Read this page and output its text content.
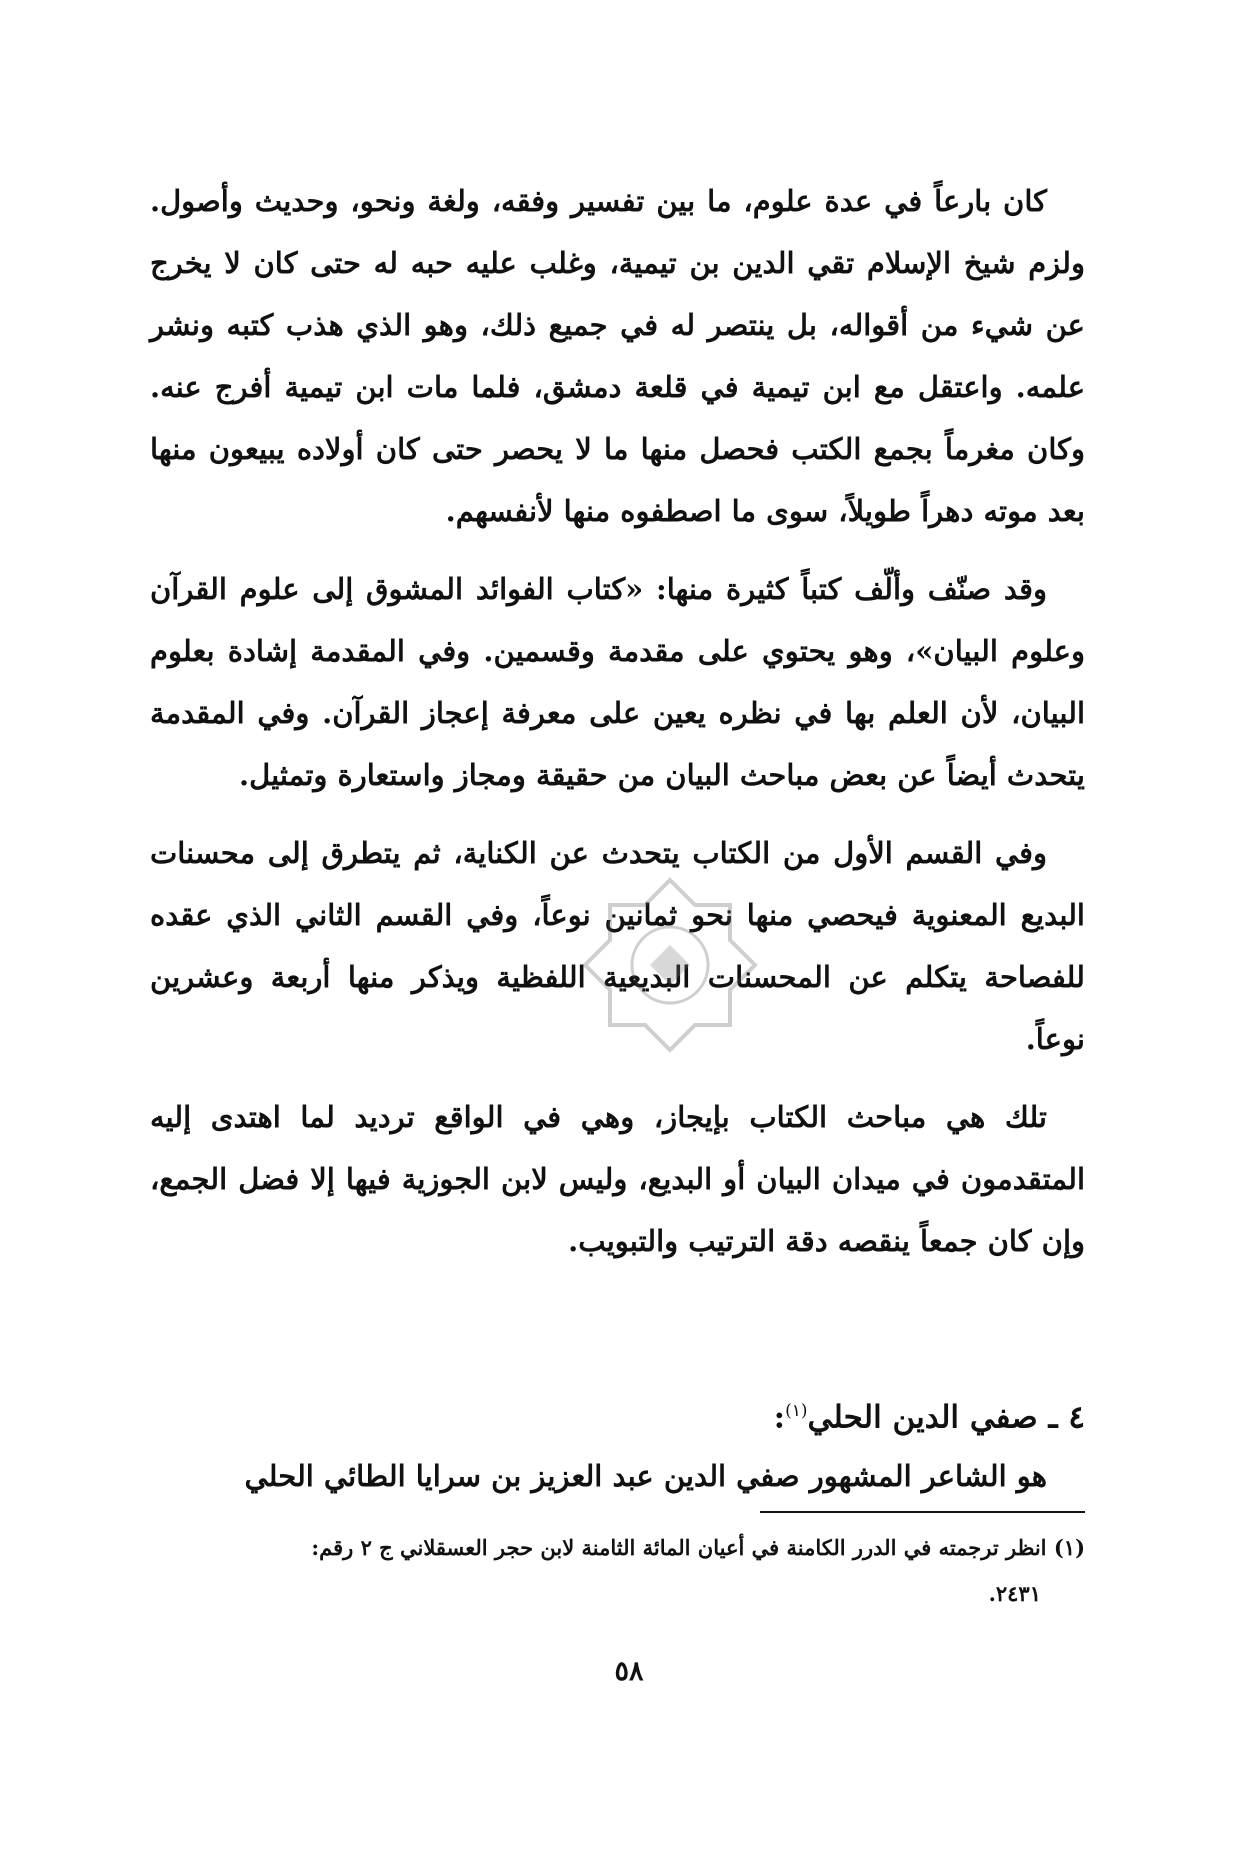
كان بارعاً في عدة علوم، ما بين تفسير وفقه، ولغة ونحو، وحديث وأصول. ولزم شيخ الإسلام تقي الدين بن تيمية، وغلب عليه حبه له حتى كان لا يخرج عن شيء من أقواله، بل ينتصر له في جميع ذلك، وهو الذي هذب كتبه ونشر علمه. واعتقل مع ابن تيمية في قلعة دمشق، فلما مات ابن تيمية أفرج عنه. وكان مغرماً بجمع الكتب فحصل منها ما لا يحصر حتى كان أولاده يبيعون منها بعد موته دهراً طويلاً، سوى ما اصطفوه منها لأنفسهم.

وقد صنّف وألّف كتباً كثيرة منها: «كتاب الفوائد المشوق إلى علوم القرآن وعلوم البيان»، وهو يحتوي على مقدمة وقسمين. وفي المقدمة إشادة بعلوم البيان، لأن العلم بها في نظره يعين على معرفة إعجاز القرآن. وفي المقدمة يتحدث أيضاً عن بعض مباحث البيان من حقيقة ومجاز واستعارة وتمثيل.

وفي القسم الأول من الكتاب يتحدث عن الكناية، ثم يتطرق إلى محسنات البديع المعنوية فيحصي منها نحو ثمانين نوعاً، وفي القسم الثاني الذي عقده للفصاحة يتكلم عن المحسنات البديعية اللفظية ويذكر منها أربعة وعشرين نوعاً.

تلك هي مباحث الكتاب بإيجاز، وهي في الواقع ترديد لما اهتدى إليه المتقدمون في ميدان البيان أو البديع، وليس لابن الجوزية فيها إلا فضل الجمع، وإن كان جمعاً ينقصه دقة الترتيب والتبويب.

٤ ـ صفي الدين الحلي$^{(١)}$:
هو الشاعر المشهور صفي الدين عبد العزيز بن سرايا الطائي الحلي
(١) انظر ترجمته في الدرر الكامنة في أعيان المائة الثامنة لابن حجر العسقلاني ج ٢ رقم:
٢٤٣١.
٥٨
